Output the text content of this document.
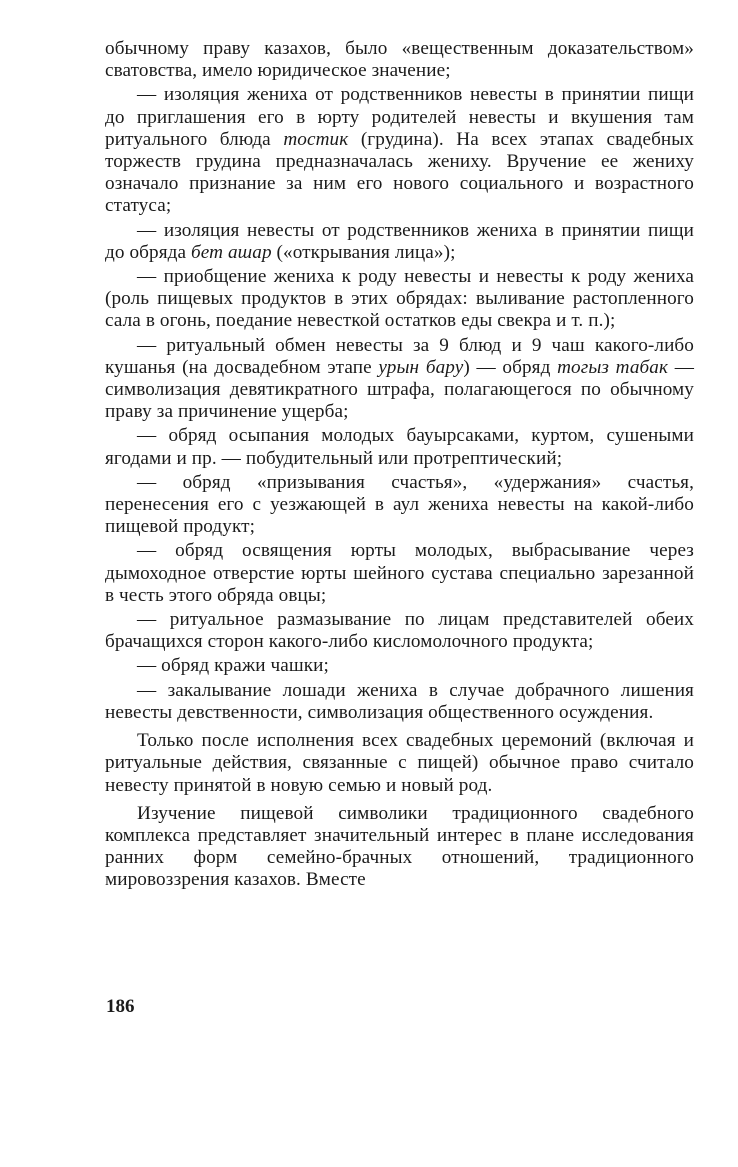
обычному праву казахов, было «вещественным доказательством» сватовства, имело юридическое значение;

— изоляция жениха от родственников невесты в принятии пищи до приглашения его в юрту родителей невесты и вкушения там ритуального блюда тостик (грудина). На всех этапах свадебных торжеств грудина предназначалась жениху. Вручение ее жениху означало признание за ним его нового социального и возрастного статуса;

— изоляция невесты от родственников жениха в принятии пищи до обряда бет ашар («открывания лица»);

— приобщение жениха к роду невесты и невесты к роду жениха (роль пищевых продуктов в этих обрядах: выливание растопленного сала в огонь, поедание невесткой остатков еды свекра и т. п.);

— ритуальный обмен невесты за 9 блюд и 9 чаш какого-либо кушанья (на досвадебном этапе урын бару) — обряд тогыз табак — символизация девятикратного штрафа, полагающегося по обычному праву за причинение ущерба;

— обряд осыпания молодых бауырсаками, куртом, сушеными ягодами и пр. — побудительный или протрептический;

— обряд «призывания счастья», «удержания» счастья, перенесения его с уезжающей в аул жениха невесты на какой-либо пищевой продукт;

— обряд освящения юрты молодых, выбрасывание через дымоходное отверстие юрты шейного сустава специально зарезанной в честь этого обряда овцы;

— ритуальное размазывание по лицам представителей обеих брачащихся сторон какого-либо кисломолочного продукта;

— обряд кражи чашки;

— закалывание лошади жениха в случае добрачного лишения невесты девственности, символизация общественного осуждения.

Только после исполнения всех свадебных церемоний (включая и ритуальные действия, связанные с пищей) обычное право считало невесту принятой в новую семью и новый род.

Изучение пищевой символики традиционного свадебного комплекса представляет значительный интерес в плане исследования ранних форм семейно-брачных отношений, традиционного мировоззрения казахов. Вместе

186
